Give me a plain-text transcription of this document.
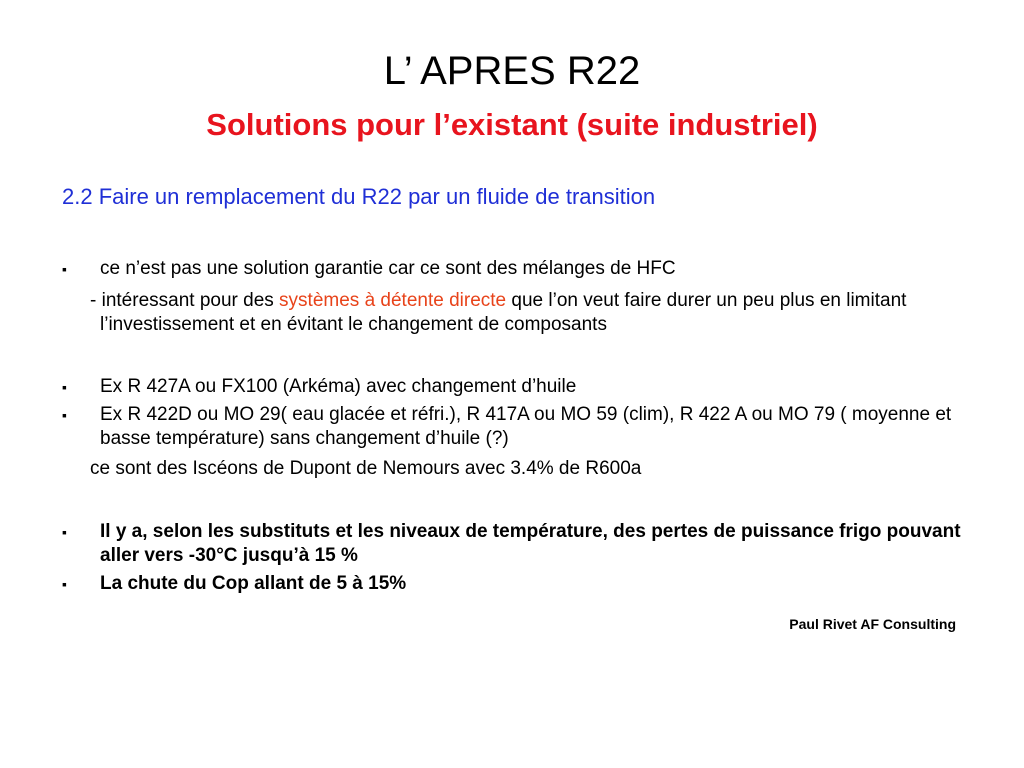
L’ APRES R22
Solutions pour l’existant (suite industriel)
2.2 Faire un remplacement du R22 par un fluide de transition
▪ ce n’est pas une solution garantie car ce sont des mélanges de HFC
- intéressant pour des systèmes à détente directe que l’on veut faire durer un peu plus en limitant l’investissement et en évitant le changement de composants
▪ Ex R 427A ou FX100 (Arkéma) avec changement d’huile
▪ Ex R 422D ou MO 29( eau glacée et réfri.), R 417A ou MO 59 (clim), R 422 A ou MO 79 ( moyenne et basse température) sans changement d’huile (?)
ce sont des Iscéons de Dupont de Nemours avec 3.4% de R600a
▪ Il y a, selon les substituts et les niveaux de température, des pertes de puissance frigo pouvant aller vers -30°C jusqu’à 15 %
▪ La chute du Cop allant de 5 à 15%
Paul Rivet AF Consulting
